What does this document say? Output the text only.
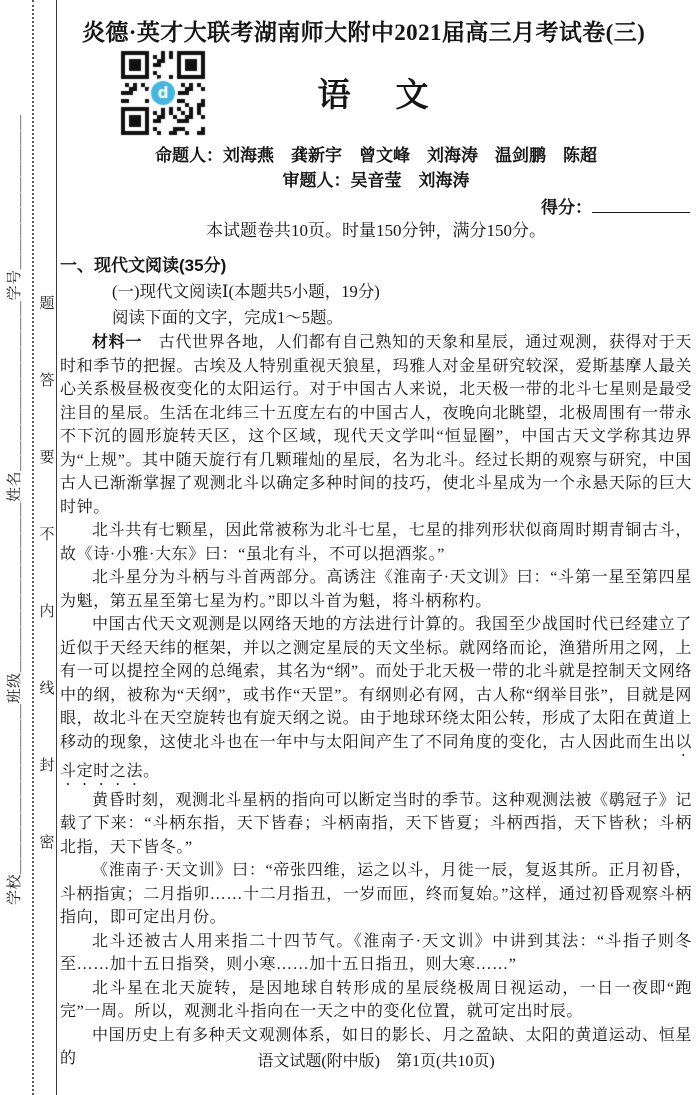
学校＿＿＿＿＿＿＿＿＿＿＿班级＿＿＿＿＿＿＿＿＿＿＿姓名＿＿＿＿＿＿＿＿＿＿＿学号＿＿＿＿＿＿＿＿＿＿	题
答
要
不
内
线
封
密
炎德·英才大联考湖南师大附中2021届高三月考试卷(三)
语　文
命题人：刘海燕　龚新宇　曾文峰　刘海涛　温剑鹏　陈超
审题人：吴音莹　刘海涛
得分：
本试题卷共10页。时量150分钟，满分150分。
一、现代文阅读(35分)
(一)现代文阅读Ⅰ(本题共5小题，19分)
阅读下面的文字，完成1～5题。

材料一　古代世界各地，人们都有自己熟知的天象和星辰，通过观测，获得对于天时和季节的把握。古埃及人特别重视天狼星，玛雅人对金星研究较深，爱斯基摩人最关心关系极昼极夜变化的太阳运行。对于中国古人来说，北天极一带的北斗七星则是最受注目的星辰。生活在北纬三十五度左右的中国古人，夜晚向北眺望，北极周围有一带永不下沉的圆形旋转天区，这个区域，现代天文学叫“恒显圈”，中国古天文学称其边界为“上规”。其中随天旋行有几颗璀灿的星辰，名为北斗。经过长期的观察与研究，中国古人已渐渐掌握了观测北斗以确定多种时间的技巧，使北斗星成为一个永悬天际的巨大时钟。

北斗共有七颗星，因此常被称为北斗七星，七星的排列形状似商周时期青铜古斗，故《诗·小雅·大东》曰：“虽北有斗，不可以挹酒浆。”

北斗星分为斗柄与斗首两部分。高诱注《淮南子·天文训》曰：“斗第一星至第四星为魁，第五星至第七星为杓。”即以斗首为魁，将斗柄称杓。

中国古代天文观测是以网络天地的方法进行计算的。我国至少战国时代已经建立了近似于天经天纬的框架，并以之测定星辰的天文坐标。就网络而论，渔猎所用之网，上有一可以提控全网的总绳索，其名为“纲”。而处于北天极一带的北斗就是控制天文网络中的纲，被称为“天纲”，或书作“天罡”。有纲则必有网，古人称“纲举目张”，目就是网眼，故北斗在天空旋转也有旋天纲之说。由于地球环绕太阳公转，形成了太阳在黄道上移动的现象，这使北斗也在一年中与太阳间产生了不同角度的变化，古人因此而生出以斗定时之法。

黄昏时刻，观测北斗星柄的指向可以断定当时的季节。这种观测法被《鹖冠子》记载了下来：“斗柄东指，天下皆春；斗柄南指，天下皆夏；斗柄西指，天下皆秋；斗柄北指，天下皆冬。”

《淮南子·天文训》曰：“帝张四维，运之以斗，月徙一辰，复返其所。正月初昏，斗柄指寅；二月指卯……十二月指丑，一岁而匝，终而复始。”这样，通过初昏观察斗柄指向，即可定出月份。

北斗还被古人用来指二十四节气。《淮南子·天文训》中讲到其法：“斗指子则冬至……加十五日指癸，则小寒……加十五日指丑，则大寒……”

北斗星在北天旋转，是因地球自转形成的星辰绕极周日视运动，一日一夜即“跑完”一周。所以，观测北斗指向在一天之中的变化位置，就可定出时辰。

中国历史上有多种天文观测体系，如日的影长、月之盈缺、太阳的黄道运动、恒星的	语文试题(附中版)　第1页(共10页)
